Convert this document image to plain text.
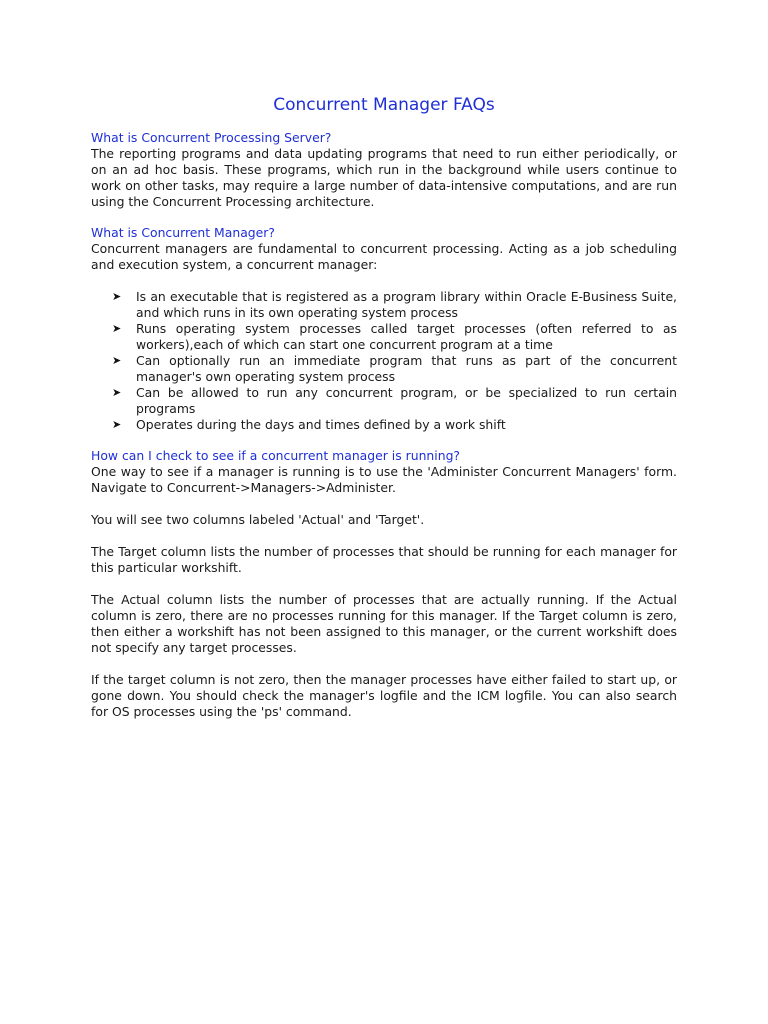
Concurrent Manager FAQs

What is Concurrent Processing Server?

The reporting programs and data updating programs that need to run either periodically, or on an ad hoc basis. These programs, which run in the background while users continue to work on other tasks, may require a large number of data-intensive computations, and are run using the Concurrent Processing architecture.

What is Concurrent Manager?

Concurrent managers are fundamental to concurrent processing. Acting as a job scheduling and execution system, a concurrent manager:

➤ Is an executable that is registered as a program library within Oracle E-Business Suite, and which runs in its own operating system process
➤ Runs operating system processes called target processes (often referred to as workers),each of which can start one concurrent program at a time
➤ Can optionally run an immediate program that runs as part of the concurrent manager's own operating system process
➤ Can be allowed to run any concurrent program, or be specialized to run certain programs
➤ Operates during the days and times defined by a work shift

How can I check to see if a concurrent manager is running?

One way to see if a manager is running is to use the 'Administer Concurrent Managers' form. Navigate to Concurrent->Managers->Administer.

You will see two columns labeled 'Actual' and 'Target'.

The Target column lists the number of processes that should be running for each manager for this particular workshift.

The Actual column lists the number of processes that are actually running. If the Actual column is zero, there are no processes running for this manager. If the Target column is zero, then either a workshift has not been assigned to this manager, or the current workshift does not specify any target processes.

If the target column is not zero, then the manager processes have either failed to start up, or gone down. You should check the manager's logfile and the ICM logfile. You can also search for OS processes using the 'ps' command.
